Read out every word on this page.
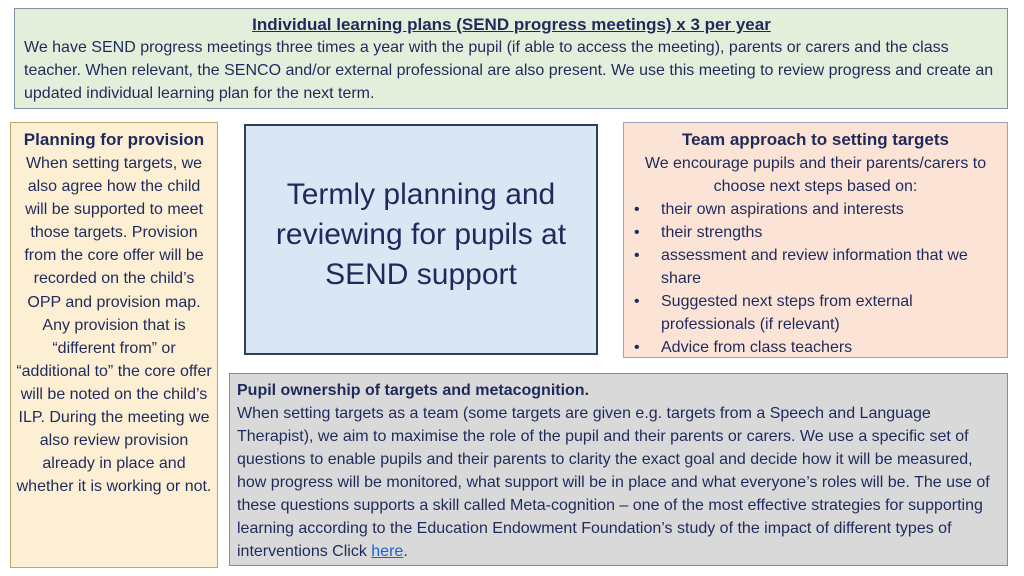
Individual learning plans (SEND progress meetings) x 3 per year
We have SEND progress meetings three times a year with the pupil (if able to access the meeting), parents or carers and the class teacher. When relevant, the SENCO and/or external professional are also present. We use this meeting to review progress and create an updated individual learning plan for the next term.
Planning for provision
When setting targets, we also agree how the child will be supported to meet those targets. Provision from the core offer will be recorded on the child’s OPP and provision map. Any provision that is “different from” or “additional to” the core offer will be noted on the child’s ILP. During the meeting we also review provision already in place and whether it is working or not.
Termly planning and reviewing for pupils at SEND support
Team approach to setting targets
We encourage pupils and their parents/carers to choose next steps based on:
• their own aspirations and interests
• their strengths
• assessment and review information that we share
• Suggested next steps from external professionals (if relevant)
• Advice from class teachers
Pupil ownership of targets and metacognition.
When setting targets as a team (some targets are given e.g. targets from a Speech and Language Therapist), we aim to maximise the role of the pupil and their parents or carers. We use a specific set of questions to enable pupils and their parents to clarity the exact goal and decide how it will be measured, how progress will be monitored, what support will be in place and what everyone’s roles will be. The use of these questions supports a skill called Meta-cognition – one of the most effective strategies for supporting learning according to the Education Endowment Foundation’s study of the impact of different types of interventions Click here.
